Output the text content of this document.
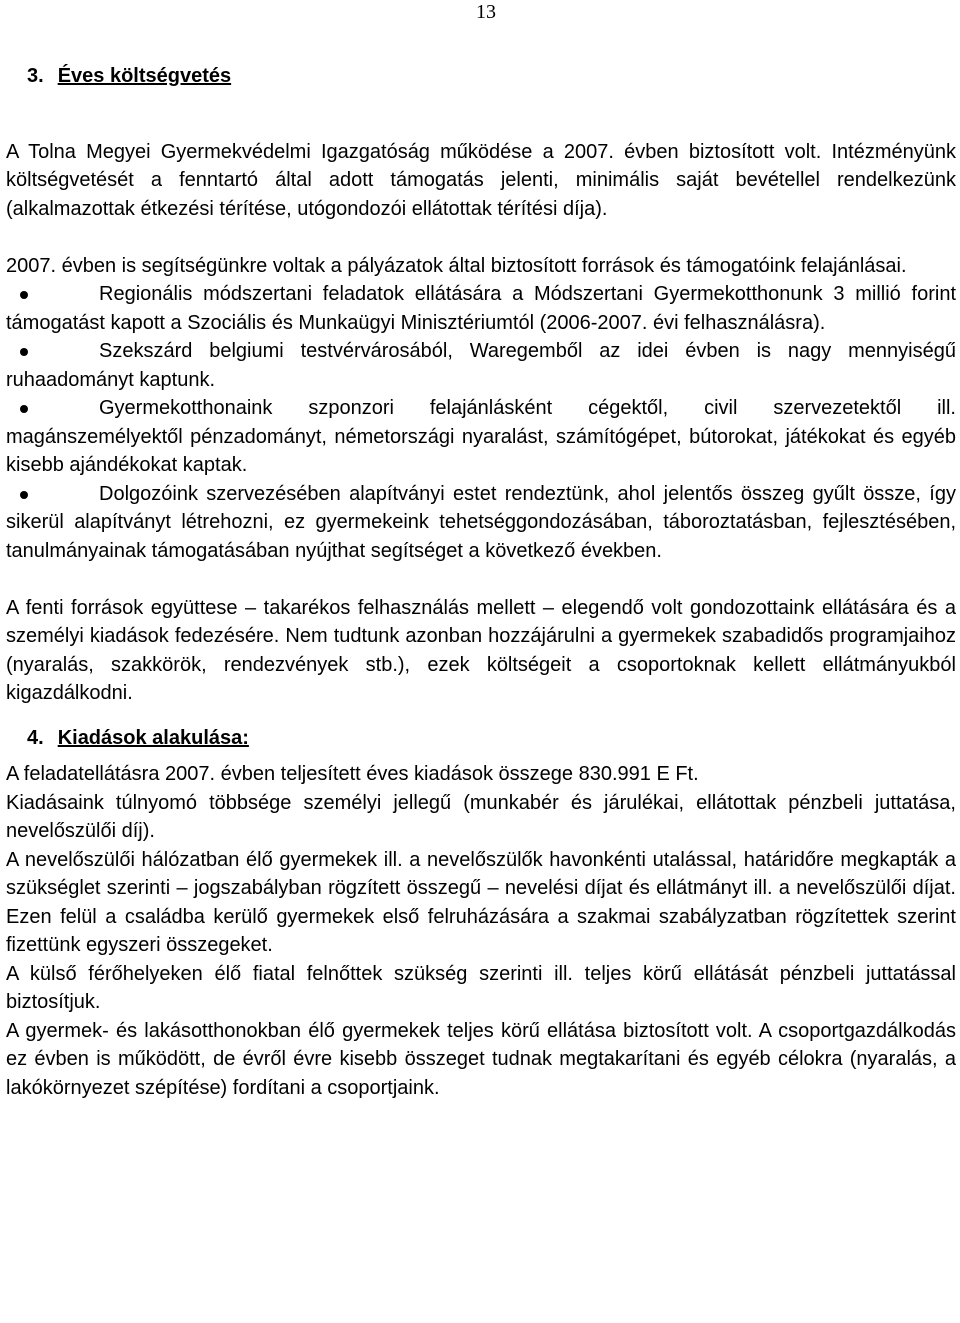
13
3. Éves költségvetés

A Tolna Megyei Gyermekvédelmi Igazgatóság működése a 2007. évben biztosított volt. Intézményünk költségvetését a fenntartó által adott támogatás jelenti, minimális saját bevétellel rendelkezünk (alkalmazottak étkezési térítése, utógondozói ellátottak térítési díja).

2007. évben is segítségünkre voltak a pályázatok által biztosított források és támogatóink felajánlásai.

Regionális módszertani feladatok ellátására a Módszertani Gyermekotthonunk 3 millió forint támogatást kapott a Szociális és Munkaügyi Minisztériumtól (2006-2007. évi felhasználásra).

Szekszárd belgiumi testvérvárosából, Waregemből az idei évben is nagy mennyiségű ruhaadományt kaptunk.

Gyermekotthonaink szponzori felajánlásként cégektől, civil szervezetektől ill. magánszemélyektől pénzadományt, németországi nyaralást, számítógépet, bútorokat, játékokat és egyéb kisebb ajándékokat kaptak.

Dolgozóink szervezésében alapítványi estet rendeztünk, ahol jelentős összeg gyűlt össze, így sikerül alapítványt létrehozni, ez gyermekeink tehetséggondozásában, táboroztatásban, fejlesztésében, tanulmányainak támogatásában nyújthat segítséget a következő években.

A fenti források együttese – takarékos felhasználás mellett – elegendő volt gondozottaink ellátására és a személyi kiadások fedezésére. Nem tudtunk azonban hozzájárulni a gyermekek szabadidős programjaihoz (nyaralás, szakkörök, rendezvények stb.), ezek költségeit a csoportoknak kellett ellátmányukból kigazdálkodni.

4. Kiadások alakulása:

A feladatellátásra 2007. évben teljesített éves kiadások összege 830.991 E Ft.

Kiadásaink túlnyomó többsége személyi jellegű (munkabér és járulékai, ellátottak pénzbeli juttatása, nevelőszülői díj).

A nevelőszülői hálózatban élő gyermekek ill. a nevelőszülők havonkénti utalással, határidőre megkapták a szükséglet szerinti – jogszabályban rögzített összegű – nevelési díjat és ellátmányt ill. a nevelőszülői díjat. Ezen felül a családba kerülő gyermekek első felruházására a szakmai szabályzatban rögzítettek szerint fizettünk egyszeri összegeket.

A külső férőhelyeken élő fiatal felnőttek szükség szerinti ill. teljes körű ellátását pénzbeli juttatással biztosítjuk.

A gyermek- és lakásotthonokban élő gyermekek teljes körű ellátása biztosított volt. A csoportgazdálkodás ez évben is működött, de évről évre kisebb összeget tudnak megtakarítani és egyéb célokra (nyaralás, a lakókörnyezet szépítése) fordítani a csoportjaink.
